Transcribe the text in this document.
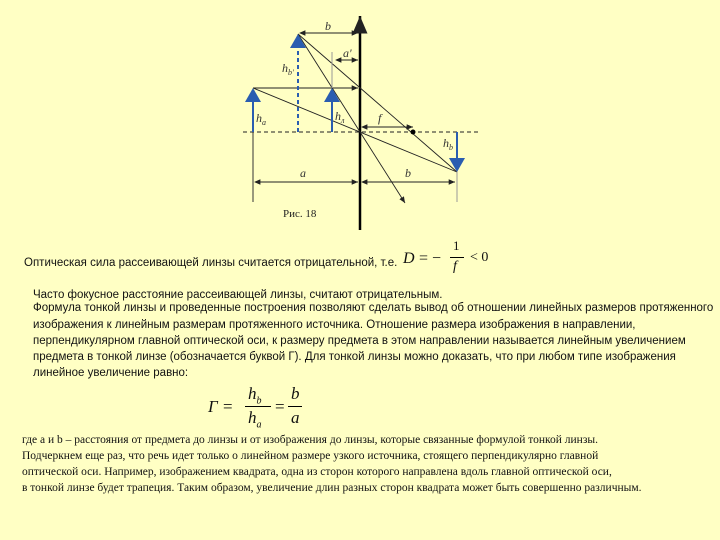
b
a'
$h_{b'}$
$h_a$	$h_л$	f
$h_b$
a	b
Рис. 18
Оптическая сила рассеивающей линзы считается отрицательной, т.е. D = −
1
f
< 0
Часто фокусное расстояние рассеивающей линзы, считают отрицательным.
Формула тонкой линзы и проведенные построения позволяют сделать вывод об отношении линейных размеров протяженного
изображения к линейным размерам протяженного источника. Отношение размера изображения в направлении,
перпендикулярном главной оптической оси, к размеру предмета в этом направлении называется линейным увеличением
предмета в тонкой линзе (обозначается буквой Г). Для тонкой линзы можно доказать, что при любом типе изображения
линейное увеличение равно:
Г =
$h_b$
$h_a$
=
b
a
где a и b – расстояния от предмета до линзы и от изображения до линзы, которые связанные формулой тонкой линзы.
Подчеркнем еще раз, что речь идет только о линейном размере узкого источника, стоящего перпендикулярно главной
оптической оси. Например, изображением квадрата, одна из сторон которого направлена вдоль главной оптической оси,
в тонкой линзе будет трапеция. Таким образом, увеличение длин разных сторон квадрата может быть совершенно различным.
